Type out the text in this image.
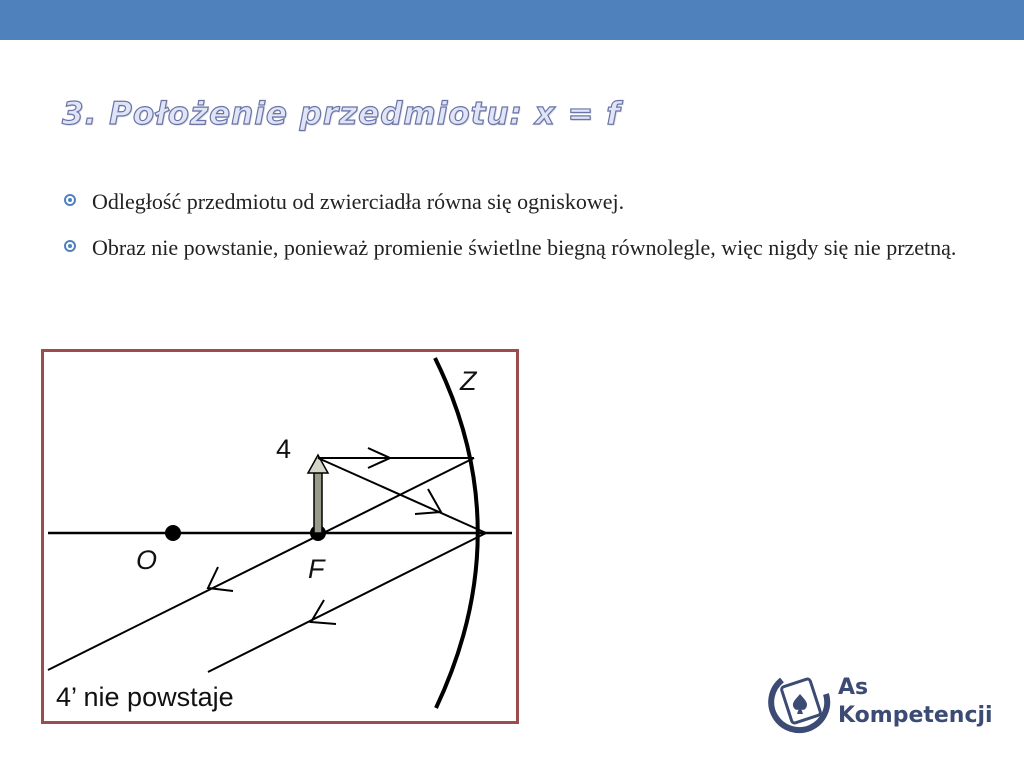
3. Położenie przedmiotu: x = f
Odległość przedmiotu od zwierciadła równa się ogniskowej.
Obraz nie powstanie, ponieważ promienie świetlne biegną równolegle, więc nigdy się nie przetną.
Z
4
O	F
4’ nie powstaje	As
Kompetencji
